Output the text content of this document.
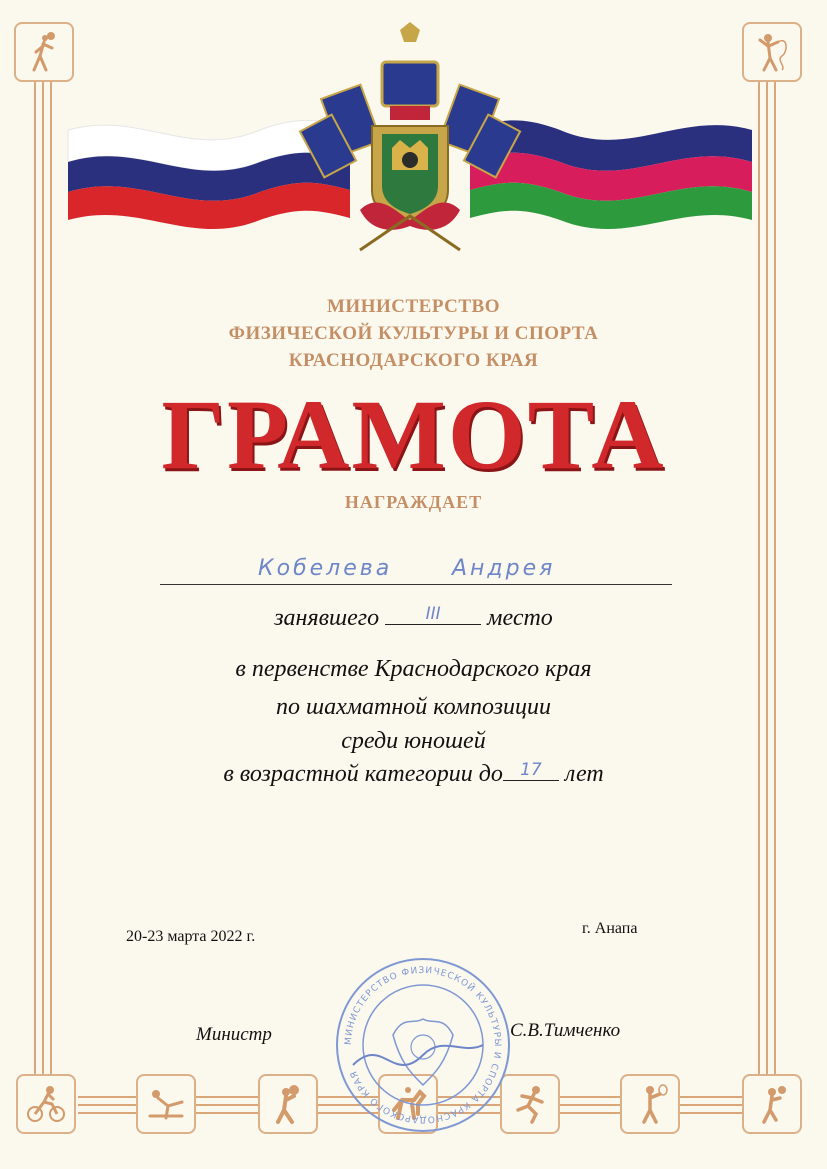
МИНИСТЕРСТВО
ФИЗИЧЕСКОЙ КУЛЬТУРЫ И СПОРТА
КРАСНОДАРСКОГО КРАЯ
ГРАМОТА
НАГРАЖДАЕТ
Кобелева	Андрея
занявшего	III	место
в первенстве Краснодарского края
по шахматной композиции
среди юношей
в возрастной категории до	17 лет
20-23 марта 2022 г.	г. Анапа
МИНИСТЕРСТВО ФИЗИЧЕСКОЙ КУЛЬТУРЫ И СПОРТА КРАСНОДАРСКОГО КРАЯ
Министр	С.В.Тимченко
